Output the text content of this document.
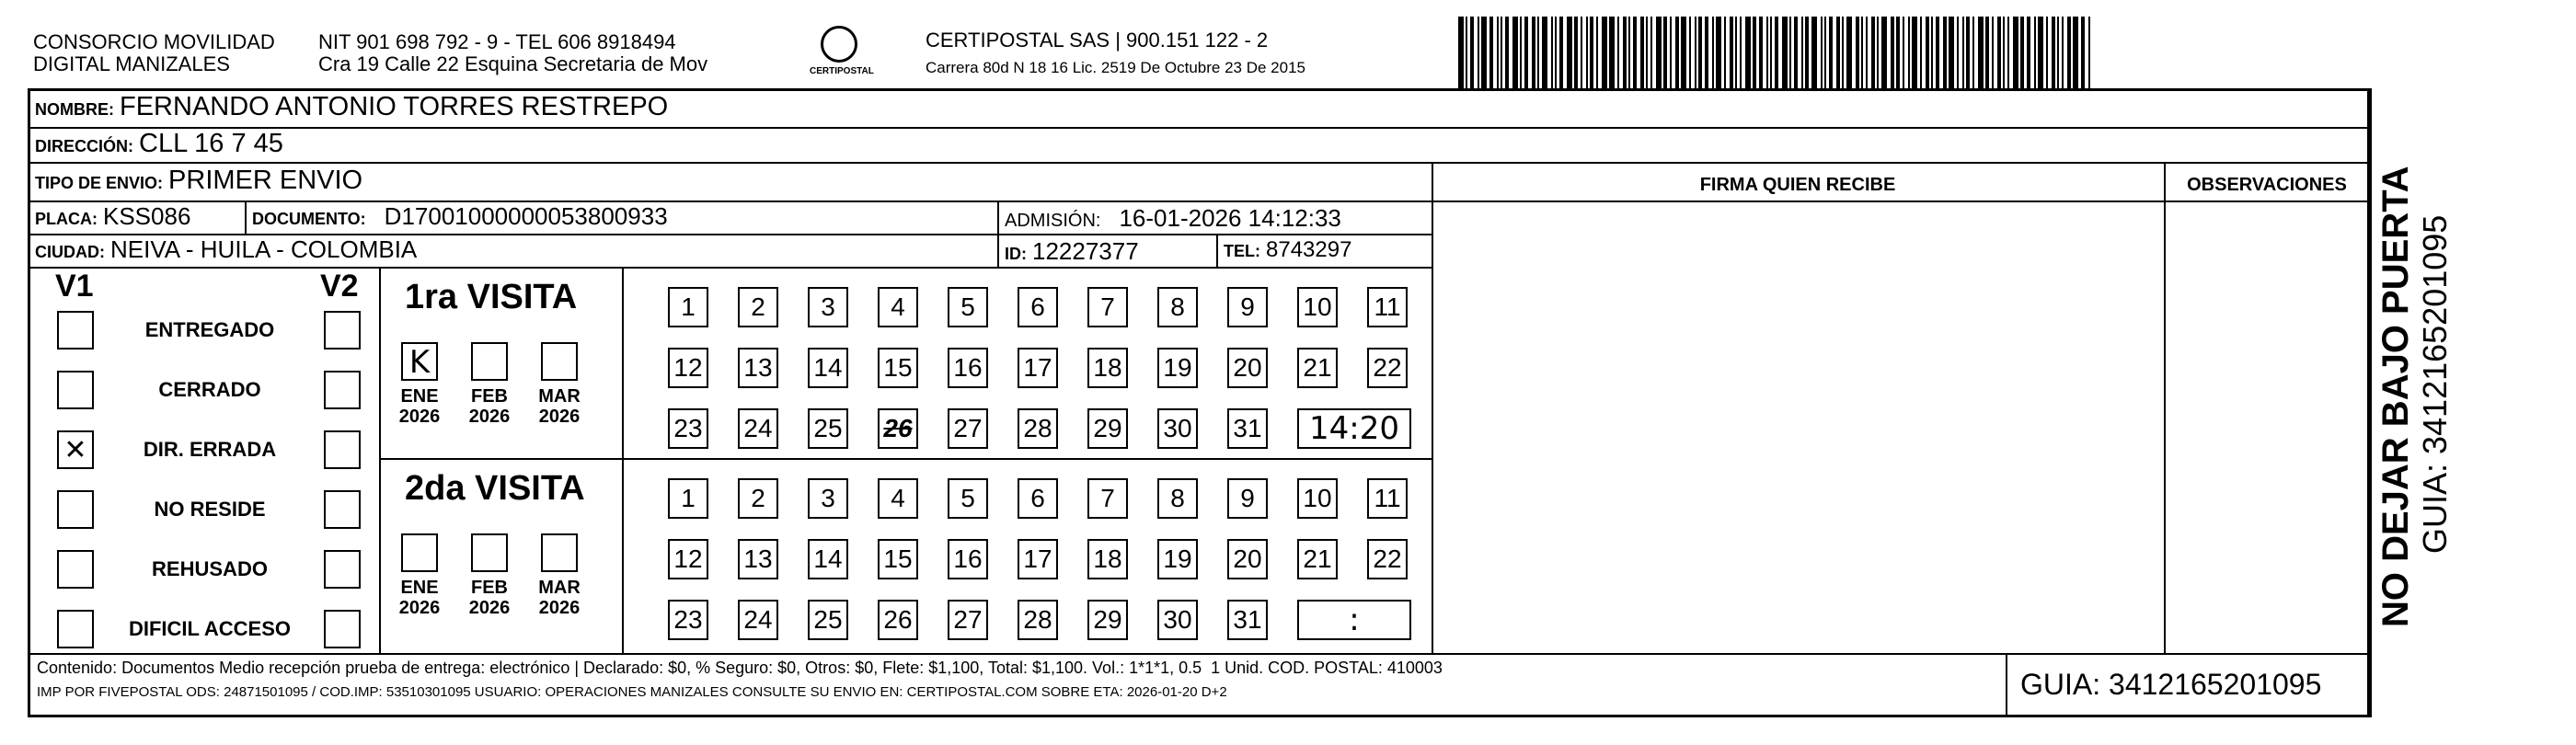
CONSORCIO MOVILIDAD
DIGITAL MANIZALES
NIT 901 698 792 - 9 - TEL 606 8918494
Cra 19 Calle 22 Esquina Secretaria de Mov	CERTIPOSTAL
CERTIPOSTAL SAS | 900.151 122 - 2
Carrera 80d N 18 16 Lic. 2519 De Octubre 23 De 2015
NOMBRE: FERNANDO ANTONIO TORRES RESTREPO
DIRECCIÓN: CLL 16 7 45
TIPO DE ENVIO: PRIMER ENVIO	FIRMA QUIEN RECIBE	OBSERVACIONES
PLACA: KSS086	DOCUMENTO: D17001000000053800933	ADMISIÓN: 16-01-2026 14:12:33
CIUDAD: NEIVA - HUILA - COLOMBIA	ID: 12227377	TEL: 8743297
V1	V2
ENTREGADO
CERRADO
✕	DIR. ERRADA
NO RESIDE
REHUSADO
DIFICIL ACCESO
1ra VISITA
K
ENE
2026
FEB
2026
MAR
2026
1	2	3	4	5	6	7	8	9	10 11
12 13 14 15 16 17 18 19 20 21 22
23 24 25 26 27 28 29 30 31	14:20
2da VISITA
ENE
2026
FEB
2026
MAR
2026
1	2	3	4	5	6	7	8	9	10 11
12 13 14 15 16 17 18 19 20 21 22
23 24 25 26 27 28 29 30 31	:
Contenido: Documentos Medio recepción prueba de entrega: electrónico | Declarado: $0, % Seguro: $0, Otros: $0, Flete: $1,100, Total: $1,100. Vol.: 1*1*1, 0.5  1 Unid. COD. POSTAL: 410003
IMP POR FIVEPOSTAL ODS: 24871501095 / COD.IMP: 53510301095 USUARIO: OPERACIONES MANIZALES CONSULTE SU ENVIO EN: CERTIPOSTAL.COM SOBRE ETA: 2026-01-20 D+2	GUIA: 3412165201095
NO DEJAR BAJO PUERTA GUIA: 3412165201095
